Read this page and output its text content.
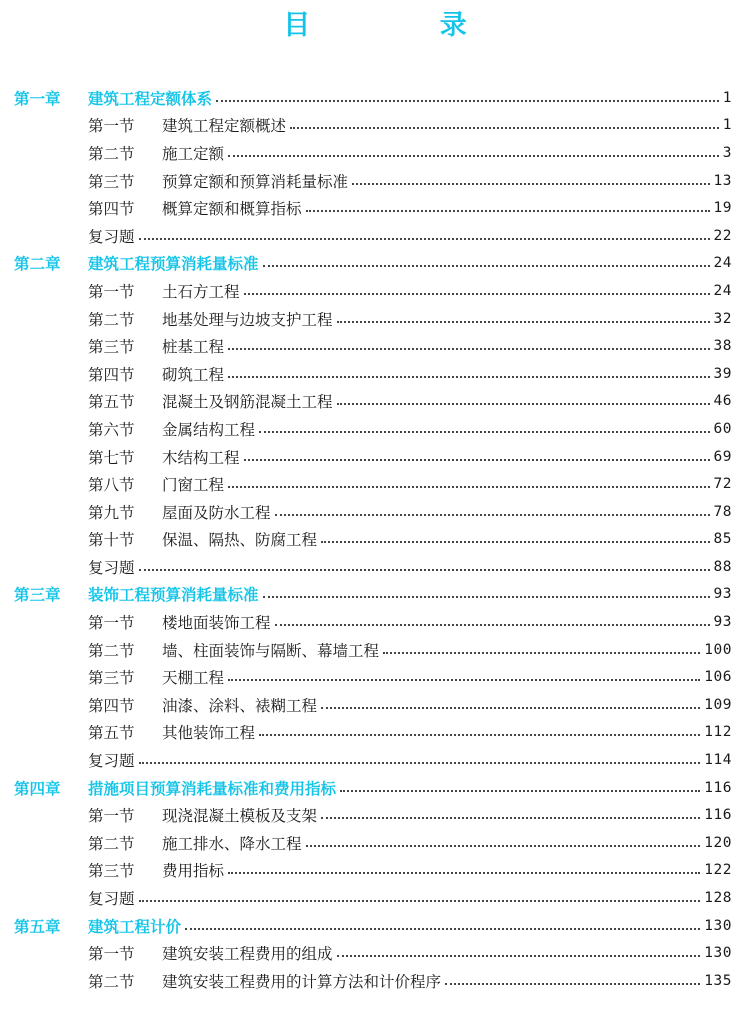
目 录
第一章	建筑工程定额体系	1
第一节	建筑工程定额概述	1
第二节	施工定额	3
第三节	预算定额和预算消耗量标准	13
第四节	概算定额和概算指标	19
复习题	22
第二章	建筑工程预算消耗量标准	24
第一节	土石方工程	24
第二节	地基处理与边坡支护工程	32
第三节	桩基工程	38
第四节	砌筑工程	39
第五节	混凝土及钢筋混凝土工程	46
第六节	金属结构工程	60
第七节	木结构工程	69
第八节	门窗工程	72
第九节	屋面及防水工程	78
第十节	保温、隔热、防腐工程	85
复习题	88
第三章	装饰工程预算消耗量标准	93
第一节	楼地面装饰工程	93
第二节	墙、柱面装饰与隔断、幕墙工程	100
第三节	天棚工程	106
第四节	油漆、涂料、裱糊工程	109
第五节	其他装饰工程	112
复习题	114
第四章	措施项目预算消耗量标准和费用指标	116
第一节	现浇混凝土模板及支架	116
第二节	施工排水、降水工程	120
第三节	费用指标	122
复习题	128
第五章	建筑工程计价	130
第一节	建筑安装工程费用的组成	130
第二节	建筑安装工程费用的计算方法和计价程序	135
